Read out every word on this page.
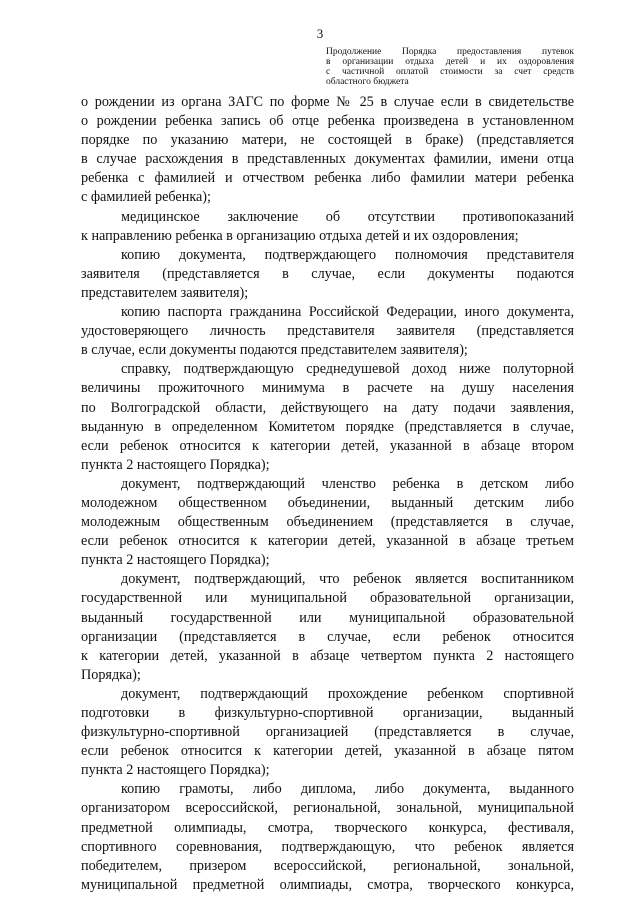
3
Продолжение Порядка предоставления путевок
в организации отдыха детей и их оздоровления
с частичной оплатой стоимости за счет средств
областного бюджета
о рождении из органа ЗАГС по форме № 25 в случае если в свидетельстве
о рождении ребенка запись об отце ребенка произведена в установленном
порядке по указанию матери, не состоящей в браке) (представляется
в случае расхождения в представленных документах фамилии, имени отца
ребенка с фамилией и отчеством ребенка либо фамилии матери ребенка
с фамилией ребенка);
медицинское заключение об отсутствии противопоказаний
к направлению ребенка в организацию отдыха детей и их оздоровления;
копию документа, подтверждающего полномочия представителя
заявителя (представляется в случае, если документы подаются
представителем заявителя);
копию паспорта гражданина Российской Федерации, иного документа,
удостоверяющего личность представителя заявителя (представляется
в случае, если документы подаются представителем заявителя);
справку, подтверждающую среднедушевой доход ниже полуторной
величины прожиточного минимума в расчете на душу населения
по Волгоградской области, действующего на дату подачи заявления,
выданную в определенном Комитетом порядке (представляется в случае,
если ребенок относится к категории детей, указанной в абзаце втором
пункта 2 настоящего Порядка);
документ, подтверждающий членство ребенка в детском либо
молодежном общественном объединении, выданный детским либо
молодежным общественным объединением (представляется в случае,
если ребенок относится к категории детей, указанной в абзаце третьем
пункта 2 настоящего Порядка);
документ, подтверждающий, что ребенок является воспитанником
государственной или муниципальной образовательной организации,
выданный государственной или муниципальной образовательной
организации (представляется в случае, если ребенок относится
к категории детей, указанной в абзаце четвертом пункта 2 настоящего
Порядка);
документ, подтверждающий прохождение ребенком спортивной
подготовки в физкультурно-спортивной организации, выданный
физкультурно-спортивной организацией (представляется в случае,
если ребенок относится к категории детей, указанной в абзаце пятом
пункта 2 настоящего Порядка);
копию грамоты, либо диплома, либо документа, выданного
организатором всероссийской, региональной, зональной, муниципальной
предметной олимпиады, смотра, творческого конкурса, фестиваля,
спортивного соревнования, подтверждающую, что ребенок является
победителем, призером всероссийской, региональной, зональной,
муниципальной предметной олимпиады, смотра, творческого конкурса,
